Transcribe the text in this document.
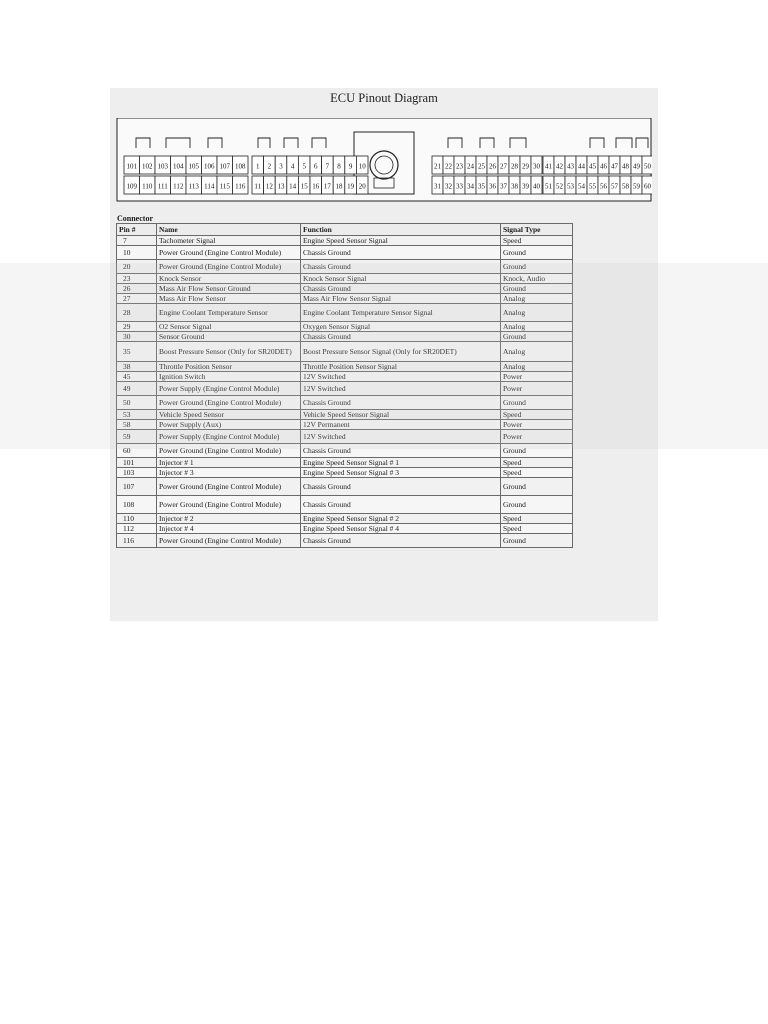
ECU Pinout Diagram
101 102 103 104 105 106 107 108
109 110 111 112 113 114 115 116
1 2 3 4 5 6 7 8 9 10
11 12 13 14 15 16 17 18 19 20
21 22 23 24 25 26 27 28 29 30
31 32 33 34 35 36 37 38 39 40
41 42 43 44 45 46 47 48 49 50
51 52 53 54 55 56 57 58 59 60
Connector
Pin #	Name	Function	Signal Type
7	Tachometer Signal	Engine Speed Sensor Signal	Speed
10	Power Ground (Engine Control Module)	Chassis Ground	Ground
20	Power Ground (Engine Control Module)	Chassis Ground	Ground
23	Knock Sensor	Knock Sensor Signal	Knock, Audio
26	Mass Air Flow Sensor Ground	Chassis Ground	Ground
27	Mass Air Flow Sensor	Mass Air Flow Sensor Signal	Analog
28	Engine Coolant Temperature Sensor	Engine Coolant Temperature Sensor Signal	Analog
29	O2 Sensor Signal	Oxygen Sensor Signal	Analog
30	Sensor Ground	Chassis Ground	Ground
35	Boost Pressure Sensor (Only for SR20DET)	Boost Pressure Sensor Signal (Only for SR20DET)	Analog
38	Throttle Position Sensor	Throttle Position Sensor Signal	Analog
45	Ignition Switch	12V Switched	Power
49	Power Supply (Engine Control Module)	12V Switched	Power
50	Power Ground (Engine Control Module)	Chassis Ground	Ground
53	Vehicle Speed Sensor	Vehicle Speed Sensor Signal	Speed
58	Power Supply (Aux)	12V Permanent	Power
59	Power Supply (Engine Control Module)	12V Switched	Power
60	Power Ground (Engine Control Module)	Chassis Ground	Ground
101	Injector # 1	Engine Speed Sensor Signal # 1	Speed
103	Injector # 3	Engine Speed Sensor Signal # 3	Speed
107	Power Ground (Engine Control Module)	Chassis Ground	Ground
108	Power Ground (Engine Control Module)	Chassis Ground	Ground
110	Injector # 2	Engine Speed Sensor Signal # 2	Speed
112	Injector # 4	Engine Speed Sensor Signal # 4	Speed
116	Power Ground (Engine Control Module)	Chassis Ground	Ground
